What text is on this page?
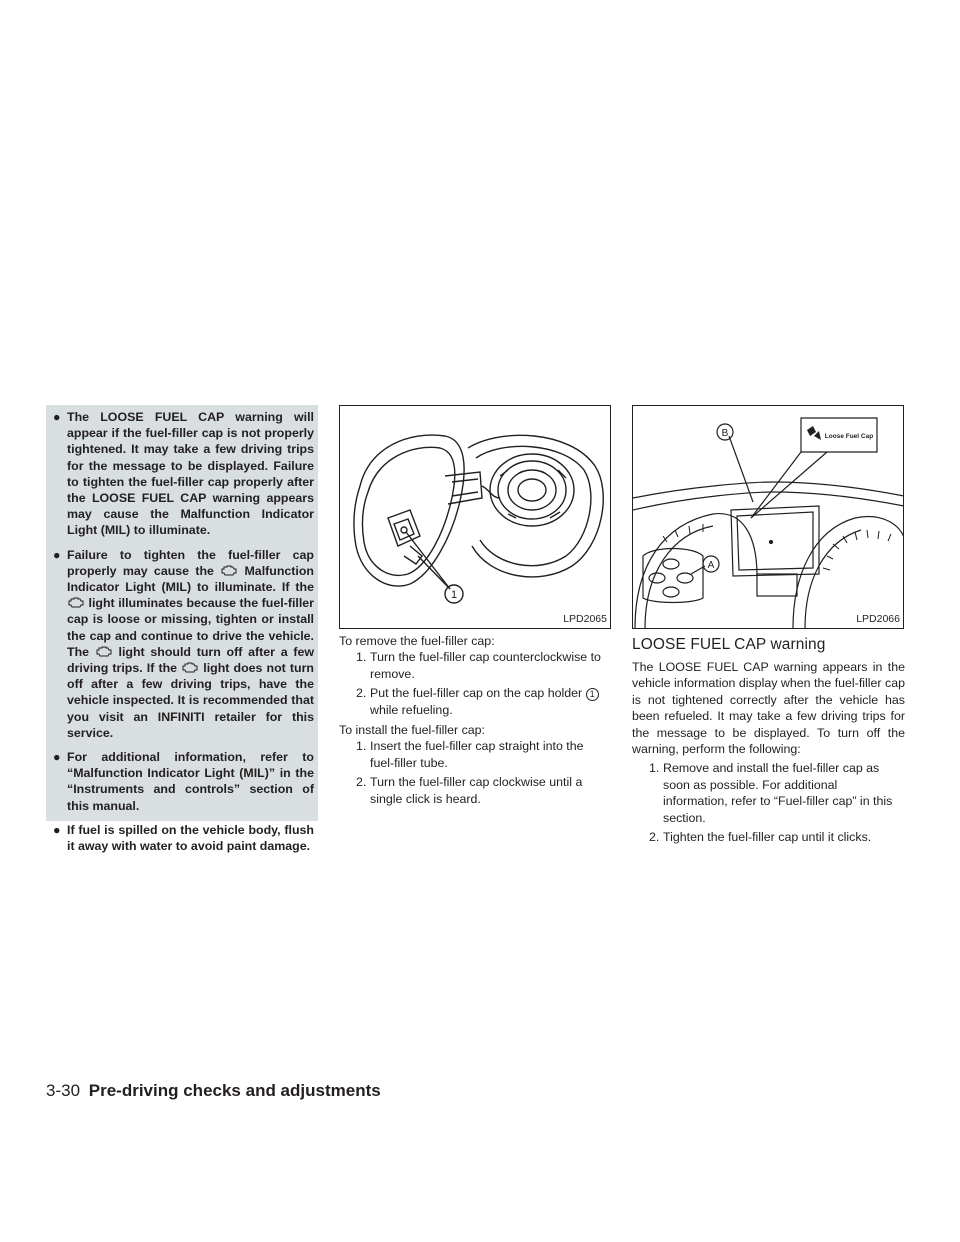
● The LOOSE FUEL CAP warning will appear if the fuel-filler cap is not properly tightened. It may take a few driving trips for the message to be displayed. Failure to tighten the fuel-filler cap properly after the LOOSE FUEL CAP warning appears may cause the Malfunction Indicator Light (MIL) to illuminate.
● Failure to tighten the fuel-filler cap properly may cause the  Malfunction Indicator Light (MIL) to illuminate. If the  light illuminates because the fuel-filler cap is loose or missing, tighten or install the cap and continue to drive the vehicle. The  light should turn off after a few driving trips. If the  light does not turn off after a few driving trips, have the vehicle inspected. It is recommended that you visit an INFINITI retailer for this service.
● For additional information, refer to “Malfunction Indicator Light (MIL)” in the “Instruments and controls” section of this manual.
● If fuel is spilled on the vehicle body, flush it away with water to avoid paint damage.
1
LPD2065

To remove the fuel-filler cap:

1. Turn the fuel-filler cap counterclockwise to remove.
2. Put the fuel-filler cap on the cap holder 1 while refueling.

To install the fuel-filler cap:

1. Insert the fuel-filler cap straight into the fuel-filler tube.
2. Turn the fuel-filler cap clockwise until a single click is heard.
Loose Fuel Cap
B
A
LPD2066
LOOSE FUEL CAP warning

The LOOSE FUEL CAP warning appears in the vehicle information display when the fuel-filler cap is not tightened correctly after the vehicle has been refueled. It may take a few driving trips for the message to be displayed. To turn off the warning, perform the following:

1. Remove and install the fuel-filler cap as soon as possible. For additional information, refer to “Fuel-filler cap” in this section.
2. Tighten the fuel-filler cap until it clicks.
3-30 Pre-driving checks and adjustments
